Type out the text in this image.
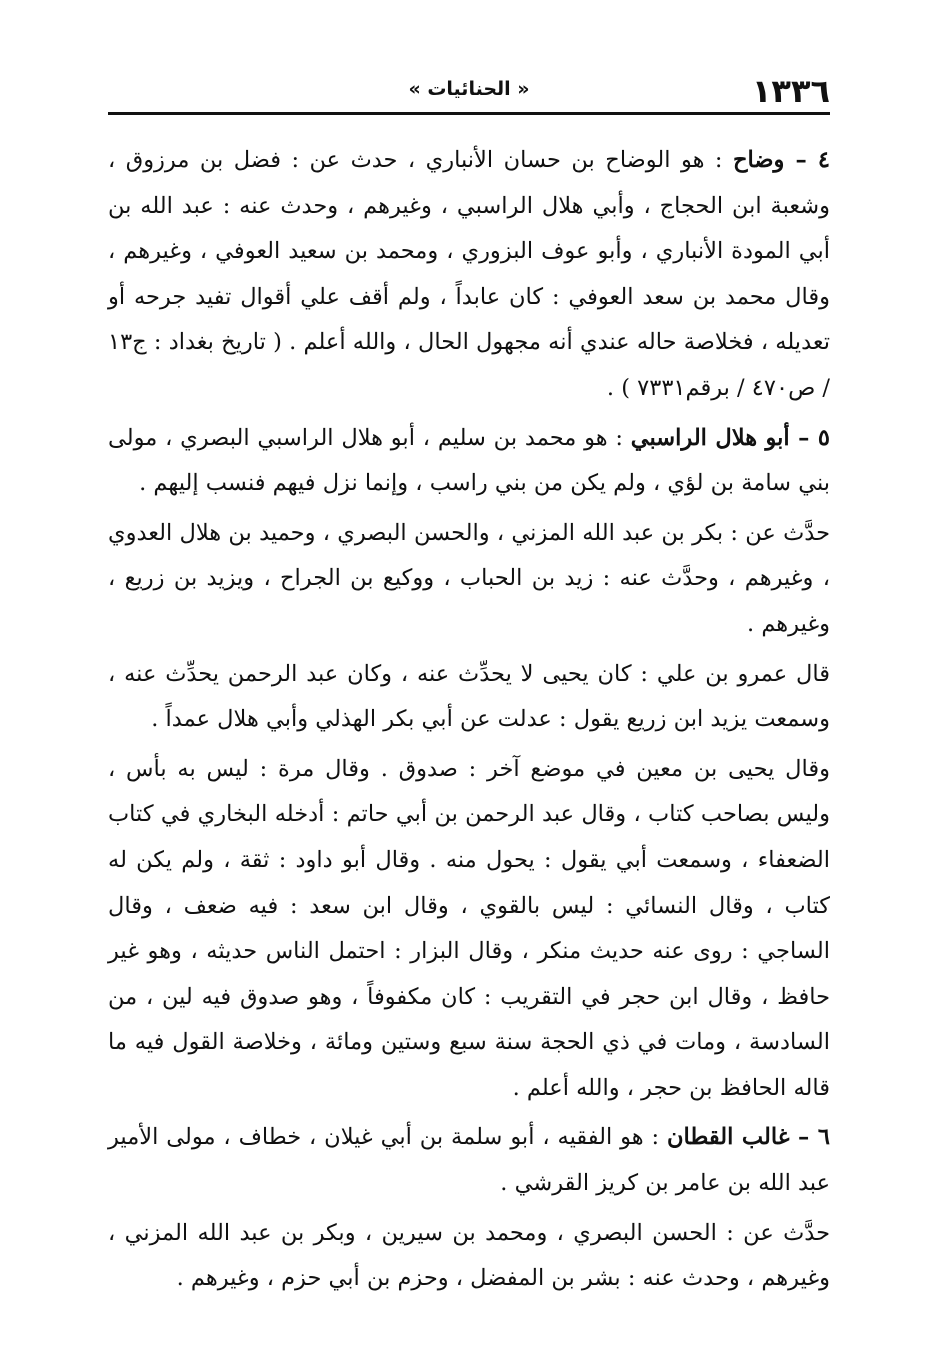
١٣٣٦
« الحنائيات »

٤ – وضاح : هو الوضاح بن حسان الأنباري ، حدث عن : فضل بن مرزوق ، وشعبة ابن الحجاج ، وأبي هلال الراسبي ، وغيرهم ، وحدث عنه : عبد الله بن أبي المودة الأنباري ، وأبو عوف البزوري ، ومحمد بن سعيد العوفي ، وغيرهم ، وقال محمد بن سعد العوفي : كان عابداً ، ولم أقف علي أقوال تفيد جرحه أو تعديله ، فخلاصة حاله عندي أنه مجهول الحال ، والله أعلم . ( تاريخ بغداد : ج١٣ / ص٤٧٠ / برقم٧٣٣١ ) .

٥ – أبو هلال الراسبي : هو محمد بن سليم ، أبو هلال الراسبي البصري ، مولى بني سامة بن لؤي ، ولم يكن من بني راسب ، وإنما نزل فيهم فنسب إليهم .

حدَّث عن : بكر بن عبد الله المزني ، والحسن البصري ، وحميد بن هلال العدوي ، وغيرهم ، وحدَّث عنه : زيد بن الحباب ، ووكيع بن الجراح ، ويزيد بن زريع ، وغيرهم .

قال عمرو بن علي : كان يحيى لا يحدِّث عنه ، وكان عبد الرحمن يحدِّث عنه ، وسمعت يزيد ابن زريع يقول : عدلت عن أبي بكر الهذلي وأبي هلال عمداً .

وقال يحيى بن معين في موضع آخر : صدوق . وقال مرة : ليس به بأس ، وليس بصاحب كتاب ، وقال عبد الرحمن بن أبي حاتم : أدخله البخاري في كتاب الضعفاء ، وسمعت أبي يقول : يحول منه . وقال أبو داود : ثقة ، ولم يكن له كتاب ، وقال النسائي : ليس بالقوي ، وقال ابن سعد : فيه ضعف ، وقال الساجي : روى عنه حديث منكر ، وقال البزار : احتمل الناس حديثه ، وهو غير حافظ ، وقال ابن حجر في التقريب : كان مكفوفاً ، وهو صدوق فيه لين ، من السادسة ، ومات في ذي الحجة سنة سبع وستين ومائة ، وخلاصة القول فيه ما قاله الحافظ بن حجر ، والله أعلم .

٦ – غالب القطان : هو الفقيه ، أبو سلمة بن أبي غيلان ، خطاف ، مولى الأمير عبد الله بن عامر بن كريز القرشي .

حدَّث عن : الحسن البصري ، ومحمد بن سيرين ، وبكر بن عبد الله المزني ، وغيرهم ، وحدث عنه : بشر بن المفضل ، وحزم بن أبي حزم ، وغيرهم .
